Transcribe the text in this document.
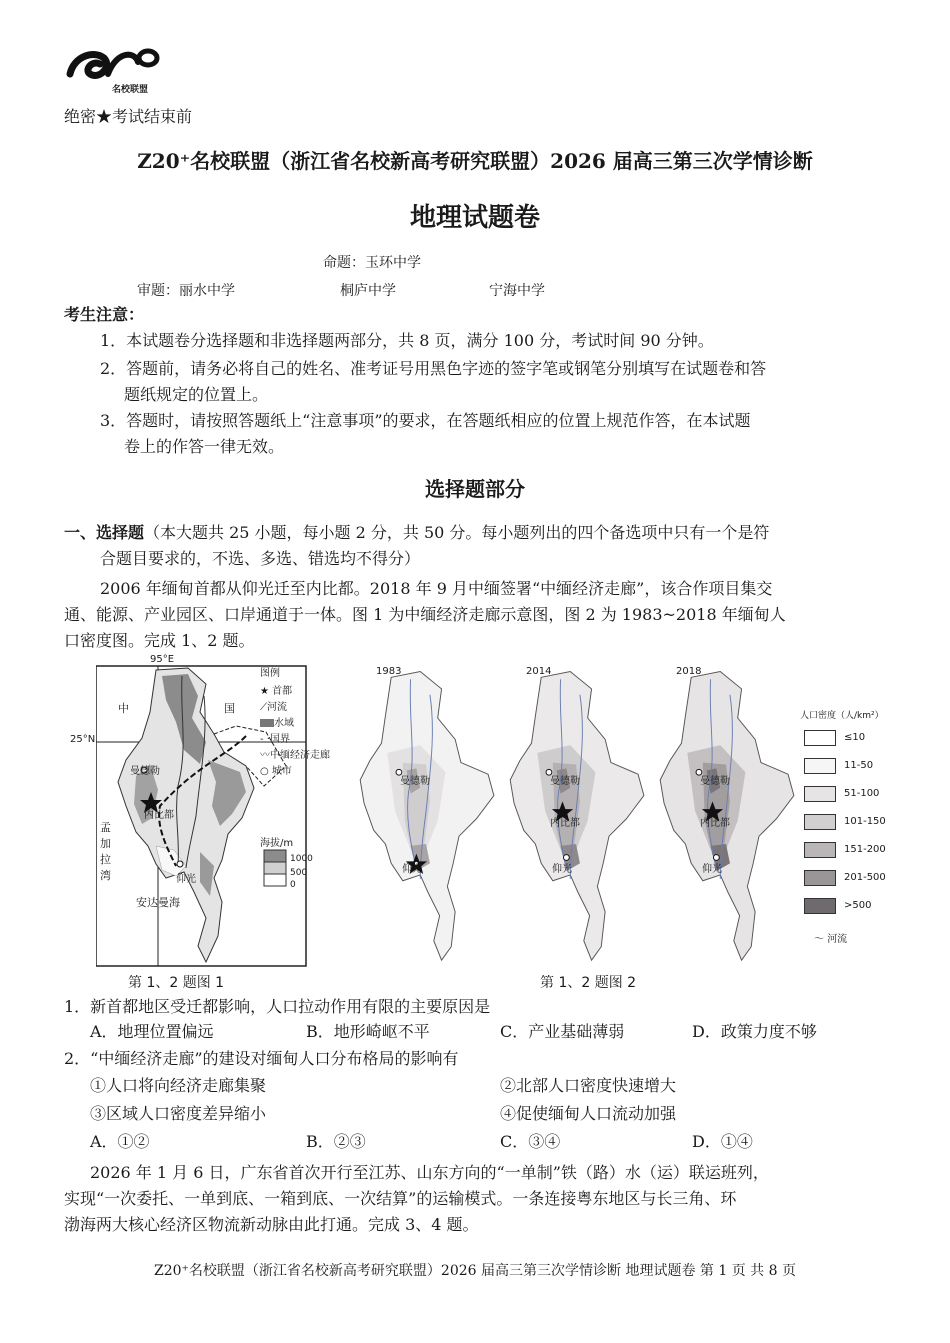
名校联盟
绝密★考试结束前
Z20⁺名校联盟（浙江省名校新高考研究联盟）2026 届高三第三次学情诊断
地理试题卷
命题：玉环中学
审题：丽水中学	桐庐中学	宁海中学
考生注意：
1．本试题卷分选择题和非选择题两部分，共 8 页，满分 100 分，考试时间 90 分钟。
2．答题前，请务必将自己的姓名、准考证号用黑色字迹的签字笔或钢笔分别填写在试题卷和答
题纸规定的位置上。
3．答题时，请按照答题纸上“注意事项”的要求，在答题纸相应的位置上规范作答，在本试题
卷上的作答一律无效。
选择题部分
一、选择题（本大题共 25 小题，每小题 2 分，共 50 分。每小题列出的四个备选项中只有一个是符
合题目要求的，不选、多选、错选均不得分）
2006 年缅甸首都从仰光迁至内比都。2018 年 9 月中缅签署“中缅经济走廊”，该合作项目集交
通、能源、产业园区、口岸通道于一体。图 1 为中缅经济走廊示意图，图 2 为 1983~2018 年缅甸人
口密度图。完成 1、2 题。
95°E
25°N
中	国
孟
加
拉
湾
安达曼海
曼德勒
内比都
仰光
海拔/m
1000
500
0
图例
★ 首都
⟋河流
水域
- ·国界
〰中缅经济走廊
○ 城市
1983
曼德勒
仰光
2014
曼德勒
内比都
仰光
2018
曼德勒
内比都
仰光
人口密度（人/km²）
≤10
11-50
51-100
101-150
151-200
201-500
>500
〜 河流
第 1、2 题图 1	第 1、2 题图 2
1．新首都地区受迁都影响，人口拉动作用有限的主要原因是
A．地理位置偏远	B．地形崎岖不平	C．产业基础薄弱	D．政策力度不够
2．“中缅经济走廊”的建设对缅甸人口分布格局的影响有
①人口将向经济走廊集聚	②北部人口密度快速增大
③区域人口密度差异缩小	④促使缅甸人口流动加强
A．①②	B．②③	C．③④	D．①④
2026 年 1 月 6 日，广东省首次开行至江苏、山东方向的“一单制”铁（路）水（运）联运班列，
实现“一次委托、一单到底、一箱到底、一次结算”的运输模式。一条连接粤东地区与长三角、环
渤海两大核心经济区物流新动脉由此打通。完成 3、4 题。
Z20⁺名校联盟（浙江省名校新高考研究联盟）2026 届高三第三次学情诊断 地理试题卷 第 1 页 共 8 页
